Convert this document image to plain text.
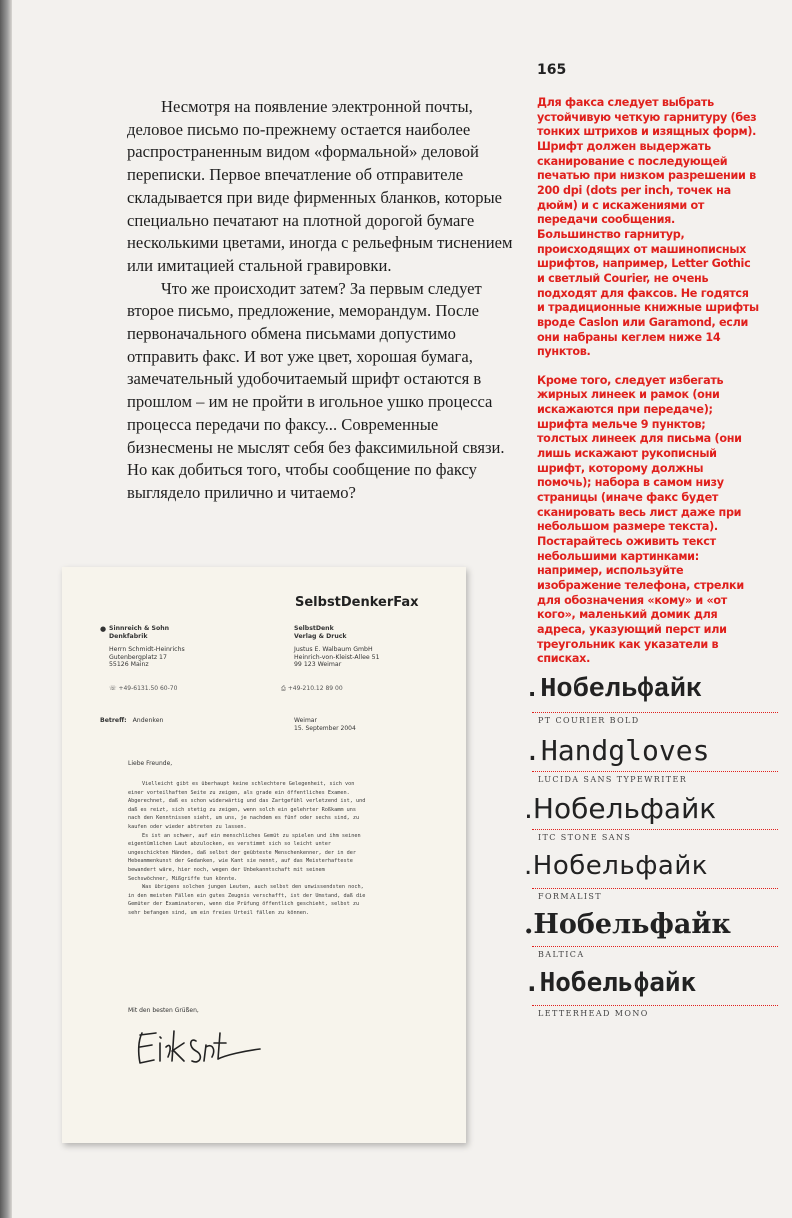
165

Несмотря на появление электронной почты, деловое письмо по-прежнему остается наиболее распространенным видом «формальной» деловой переписки. Первое впечатление об отправителе складывается при виде фирменных бланков, которые специально печатают на плотной дорогой бумаге несколькими цветами, иногда с рельефным тиснением или имитацией стальной гравировки.

Что же происходит затем? За первым следует второе письмо, предложение, меморандум. После первоначального обмена письмами допустимо отправить факс. И вот уже цвет, хорошая бумага, замечательный удобочитаемый шрифт остаются в прошлом – им не пройти в игольное ушко процесса процесса передачи по факсу... Современные бизнесмены не мыслят себя без факсимильной связи. Но как добиться того, чтобы сообщение по факсу выглядело прилично и читаемо?

Для факса следует выбрать устойчивую четкую гарнитуру (без тонких штрихов и изящных форм). Шрифт должен выдержать сканирование с последующей печатью при низком разрешении в 200 dpi (dots per inch, точек на дюйм) и с искажениями от передачи сообщения. Большинство гарнитур, происходящих от машинописных шрифтов, например, Letter Gothic и светлый Courier, не очень подходят для факсов. Не годятся и традиционные книжные шрифты вроде Caslon или Garamond, если они набраны кеглем ниже 14 пунктов.

Кроме того, следует избегать жирных линеек и рамок (они искажаются при передаче); шрифта мельче 9 пунктов; толстых линеек для письма (они лишь искажают рукописный шрифт, которому должны помочь); набора в самом низу страницы (иначе факс будет сканировать весь лист даже при небольшом размере текста). Постарайтесь оживить текст небольшими картинками: например, используйте изображение телефона, стрелки для обозначения «кому» и «от кого», маленький домик для адреса, указующий перст или треугольник как указатели в списках.

SelbstDenkerFax
● Sinnreich & Sohn
Denkfabrik
Herrn Schmidt-Heinrichs
Gutenbergplatz 17
55126 Mainz
SelbstDenk
Verlag & Druck
Justus E. Walbaum GmbH
Heinrich-von-Kleist-Allee 51
99 123 Weimar
☏ +49-6131.50 60-70	⎙ +49-210.12 89 00
Betreff: Andenken	Weimar
15. September 2004
Liebe Freunde,

Vielleicht gibt es überhaupt keine schlechtere Gelegenheit, sich von einer vorteilhaften Seite zu zeigen, als grade ein öffentliches Examen. Abgerechnet, daß es schon widerwärtig und das Zartgefühl verletzend ist, und daß es reizt, sich stetig zu zeigen, wenn solch ein gelehrter Roßkamm uns nach den Kenntnissen sieht, um uns, je nachdem es fünf oder sechs sind, zu kaufen oder wieder abtreten zu lassen.

Es ist an schwer, auf ein menschliches Gemüt zu spielen und ihm seinen eigentümlichen Laut abzulocken, es verstimmt sich so leicht unter ungeschickten Händen, daß selbst der geübteste Menschenkenner, der in der Hebeammenkunst der Gedanken, wie Kant sie nennt, auf das Meisterhafteste bewandert wäre, hier noch, wegen der Unbekanntschaft mit seinem Sechswöchner, Mißgriffe tun könnte.

Was übrigens solchen jungen Leuten, auch selbst den unwissendsten noch, in den meisten Fällen ein gutes Zeugnis verschafft, ist der Umstand, daß die Gemüter der Examinatoren, wenn die Prüfung öffentlich geschieht, selbst zu sehr befangen sind, um ein freies Urteil fällen zu können.

Mit den besten Grüßen,
.Нобельфайк
PT COURIER BOLD
.Handgloves
LUCIDA SANS TYPEWRITER
.Нобельфайк
ITC STONE SANS
.Нобельфайк
FORMALIST
.Нобельфайк
BALTICA
.Нобельфайк
LETTERHEAD MONO
